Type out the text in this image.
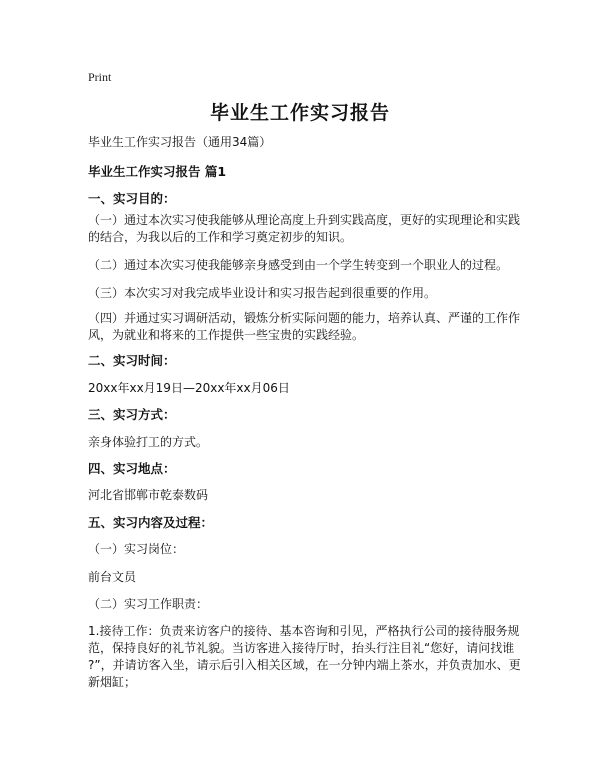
Print
毕业生工作实习报告
毕业生工作实习报告（通用34篇）
毕业生工作实习报告 篇1
一、实习目的：
（一）通过本次实习使我能够从理论高度上升到实践高度，更好的实现理论和实践
的结合，为我以后的工作和学习奠定初步的知识。
（二）通过本次实习使我能够亲身感受到由一个学生转变到一个职业人的过程。
（三）本次实习对我完成毕业设计和实习报告起到很重要的作用。
（四）并通过实习调研活动，锻炼分析实际问题的能力，培养认真、严谨的工作作
风，为就业和将来的工作提供一些宝贵的实践经验。
二、实习时间：
20xx年xx月19日—20xx年xx月06日
三、实习方式：
亲身体验打工的方式。
四、实习地点：
河北省邯郸市乾泰数码
五、实习内容及过程：
（一）实习岗位：
前台文员
（二）实习工作职责：
1.接待工作：负责来访客户的接待、基本咨询和引见，严格执行公司的接待服务规
范，保持良好的礼节礼貌。当访客进入接待厅时，抬头行注目礼“您好，请问找谁
?”，并请访客入坐，请示后引入相关区域，在一分钟内端上茶水，并负责加水、更
新烟缸；
